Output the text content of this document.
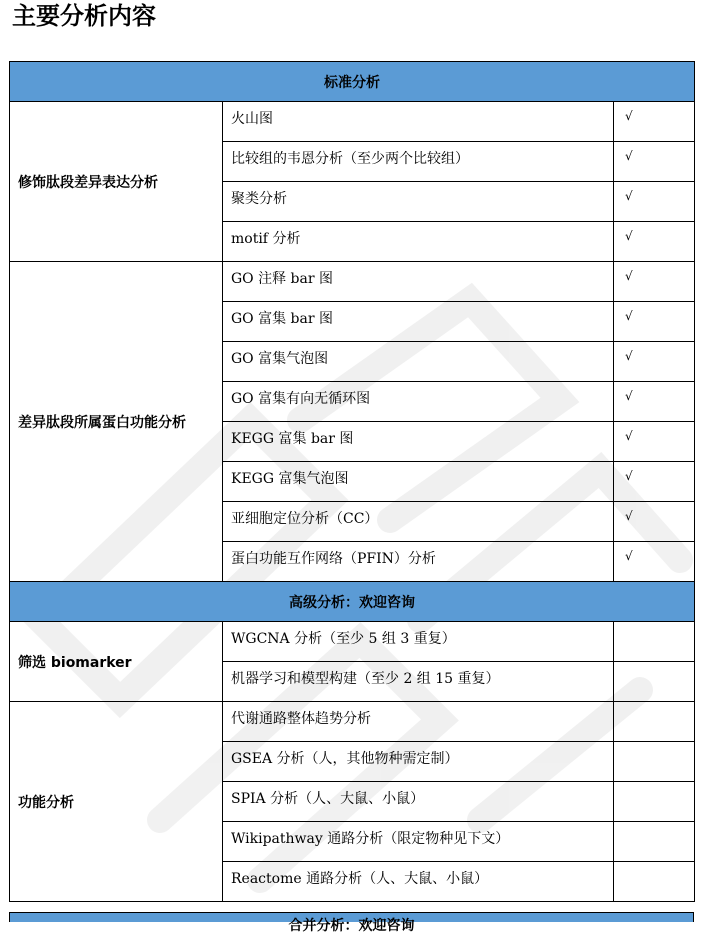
主要分析内容
标准分析		
修饰肽段差异表达分析	火山图	√
	比较组的韦恩分析（至少两个比较组）	√
	聚类分析	√
	motif 分析	√
差异肽段所属蛋白功能分析	GO 注释 bar 图	√
	GO 富集 bar 图	√
	GO 富集气泡图	√
	GO 富集有向无循环图	√
	KEGG 富集 bar 图	√
	KEGG 富集气泡图	√
	亚细胞定位分析（CC）	√
	蛋白功能互作网络（PFIN）分析	√
高级分析：欢迎咨询		
筛选 biomarker	WGCNA 分析（至少 5 组 3 重复）	
	机器学习和模型构建（至少 2 组 15 重复）	
功能分析	代谢通路整体趋势分析	
	GSEA 分析（人，其他物种需定制）	
	SPIA 分析（人、大鼠、小鼠）	
	Wikipathway 通路分析（限定物种见下文）	
	Reactome 通路分析（人、大鼠、小鼠）	
合并分析：欢迎咨询
